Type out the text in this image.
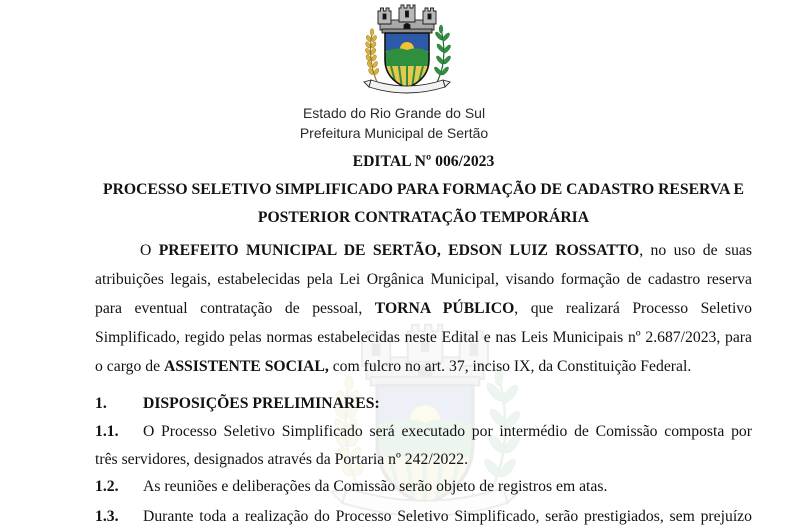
Estado do Rio Grande do Sul
Prefeitura Municipal de Sertão
EDITAL Nº 006/2023
PROCESSO SELETIVO SIMPLIFICADO PARA FORMAÇÃO DE CADASTRO RESERVA E
POSTERIOR CONTRATAÇÃO TEMPORÁRIA
O PREFEITO MUNICIPAL DE SERTÃO, EDSON LUIZ ROSSATTO, no uso de suas
atribuições legais, estabelecidas pela Lei Orgânica Municipal, visando formação de cadastro reserva
para eventual contratação de pessoal, TORNA PÚBLICO, que realizará Processo Seletivo
Simplificado, regido pelas normas estabelecidas neste Edital e nas Leis Municipais nº 2.687/2023, para
o cargo de ASSISTENTE SOCIAL, com fulcro no art. 37, inciso IX, da Constituição Federal.
1.	DISPOSIÇÕES PRELIMINARES:
1.1.	O Processo Seletivo Simplificado será executado por intermédio de Comissão composta por
três servidores, designados através da Portaria nº 242/2022.
1.2.	As reuniões e deliberações da Comissão serão objeto de registros em atas.
1.3.	Durante toda a realização do Processo Seletivo Simplificado, serão prestigiados, sem prejuízo
